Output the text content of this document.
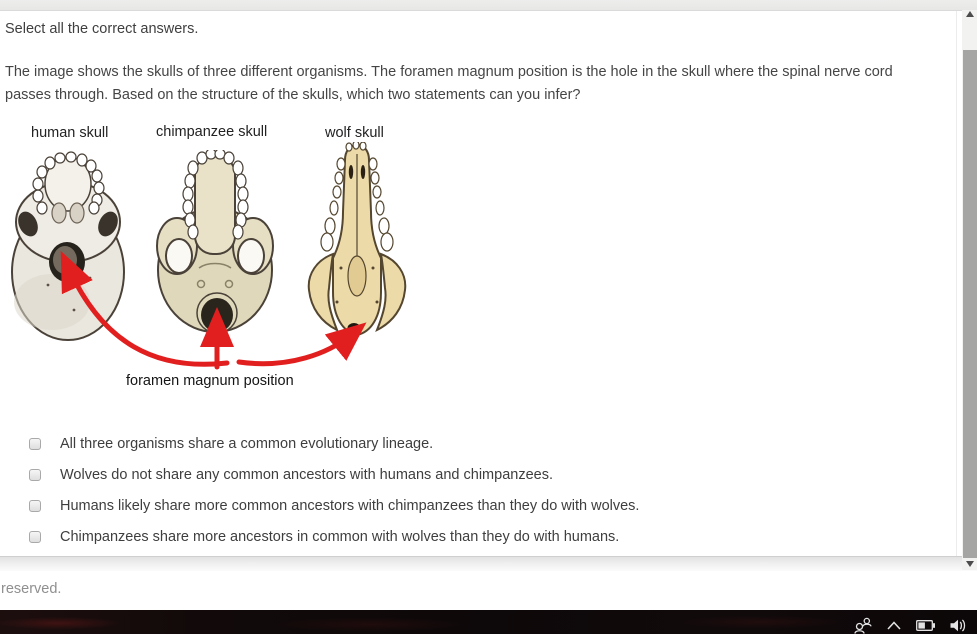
Select all the correct answers.
The image shows the skulls of three different organisms. The foramen magnum position is the hole in the skull where the spinal nerve cord passes through. Based on the structure of the skulls, which two statements can you infer?
human skull	chimpanzee skull	wolf skull
foramen magnum position
All three organisms share a common evolutionary lineage.
Wolves do not share any common ancestors with humans and chimpanzees.
Humans likely share more common ancestors with chimpanzees than they do with wolves.
Chimpanzees share more ancestors in common with wolves than they do with humans.
reserved.
